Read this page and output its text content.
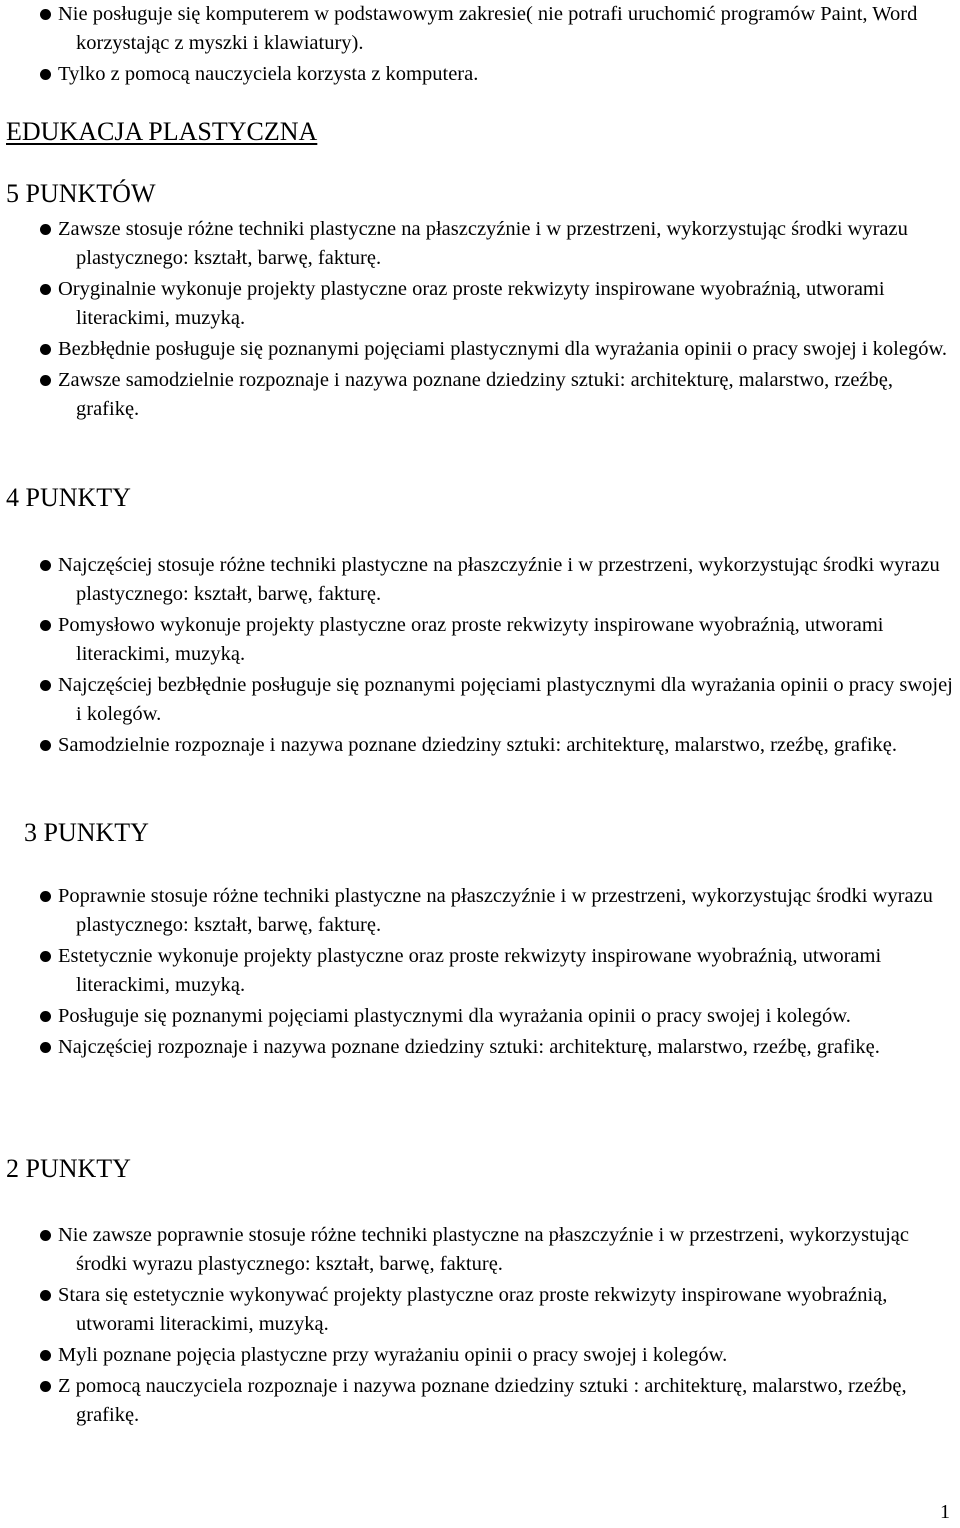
Nie posługuje się komputerem w podstawowym zakresie( nie potrafi uruchomić programów Paint, Word korzystając z myszki i klawiatury).
Tylko z pomocą nauczyciela korzysta z komputera.
EDUKACJA PLASTYCZNA
5 PUNKTÓW
Zawsze stosuje różne techniki plastyczne na płaszczyźnie i w przestrzeni, wykorzystując środki wyrazu plastycznego: kształt, barwę, fakturę.
Oryginalnie wykonuje projekty plastyczne oraz proste rekwizyty inspirowane wyobraźnią, utworami literackimi, muzyką.
Bezbłędnie posługuje się poznanymi pojęciami plastycznymi dla wyrażania opinii o pracy swojej i kolegów.
Zawsze samodzielnie rozpoznaje i nazywa poznane dziedziny sztuki: architekturę, malarstwo, rzeźbę, grafikę.
4 PUNKTY
Najczęściej stosuje różne techniki plastyczne na płaszczyźnie i w przestrzeni, wykorzystując środki wyrazu plastycznego: kształt, barwę, fakturę.
Pomysłowo wykonuje projekty plastyczne oraz proste rekwizyty inspirowane wyobraźnią, utworami literackimi, muzyką.
Najczęściej bezbłędnie posługuje się poznanymi pojęciami plastycznymi dla wyrażania opinii o pracy swojej i kolegów.
Samodzielnie rozpoznaje i nazywa poznane dziedziny sztuki: architekturę, malarstwo, rzeźbę, grafikę.
3 PUNKTY
Poprawnie stosuje różne techniki plastyczne na płaszczyźnie i w przestrzeni, wykorzystując środki wyrazu plastycznego: kształt, barwę, fakturę.
Estetycznie wykonuje projekty plastyczne oraz proste rekwizyty inspirowane wyobraźnią, utworami literackimi, muzyką.
Posługuje się poznanymi pojęciami plastycznymi dla wyrażania opinii o pracy swojej i kolegów.
Najczęściej rozpoznaje i nazywa poznane dziedziny sztuki: architekturę, malarstwo, rzeźbę, grafikę.
2 PUNKTY
Nie zawsze poprawnie stosuje różne techniki plastyczne na płaszczyźnie i w przestrzeni, wykorzystując środki wyrazu plastycznego: kształt, barwę, fakturę.
Stara się estetycznie wykonywać projekty plastyczne oraz proste rekwizyty inspirowane wyobraźnią, utworami literackimi, muzyką.
Myli poznane pojęcia plastyczne przy wyrażaniu opinii o pracy swojej i kolegów.
Z pomocą nauczyciela rozpoznaje i nazywa poznane dziedziny sztuki : architekturę, malarstwo, rzeźbę, grafikę.
1
